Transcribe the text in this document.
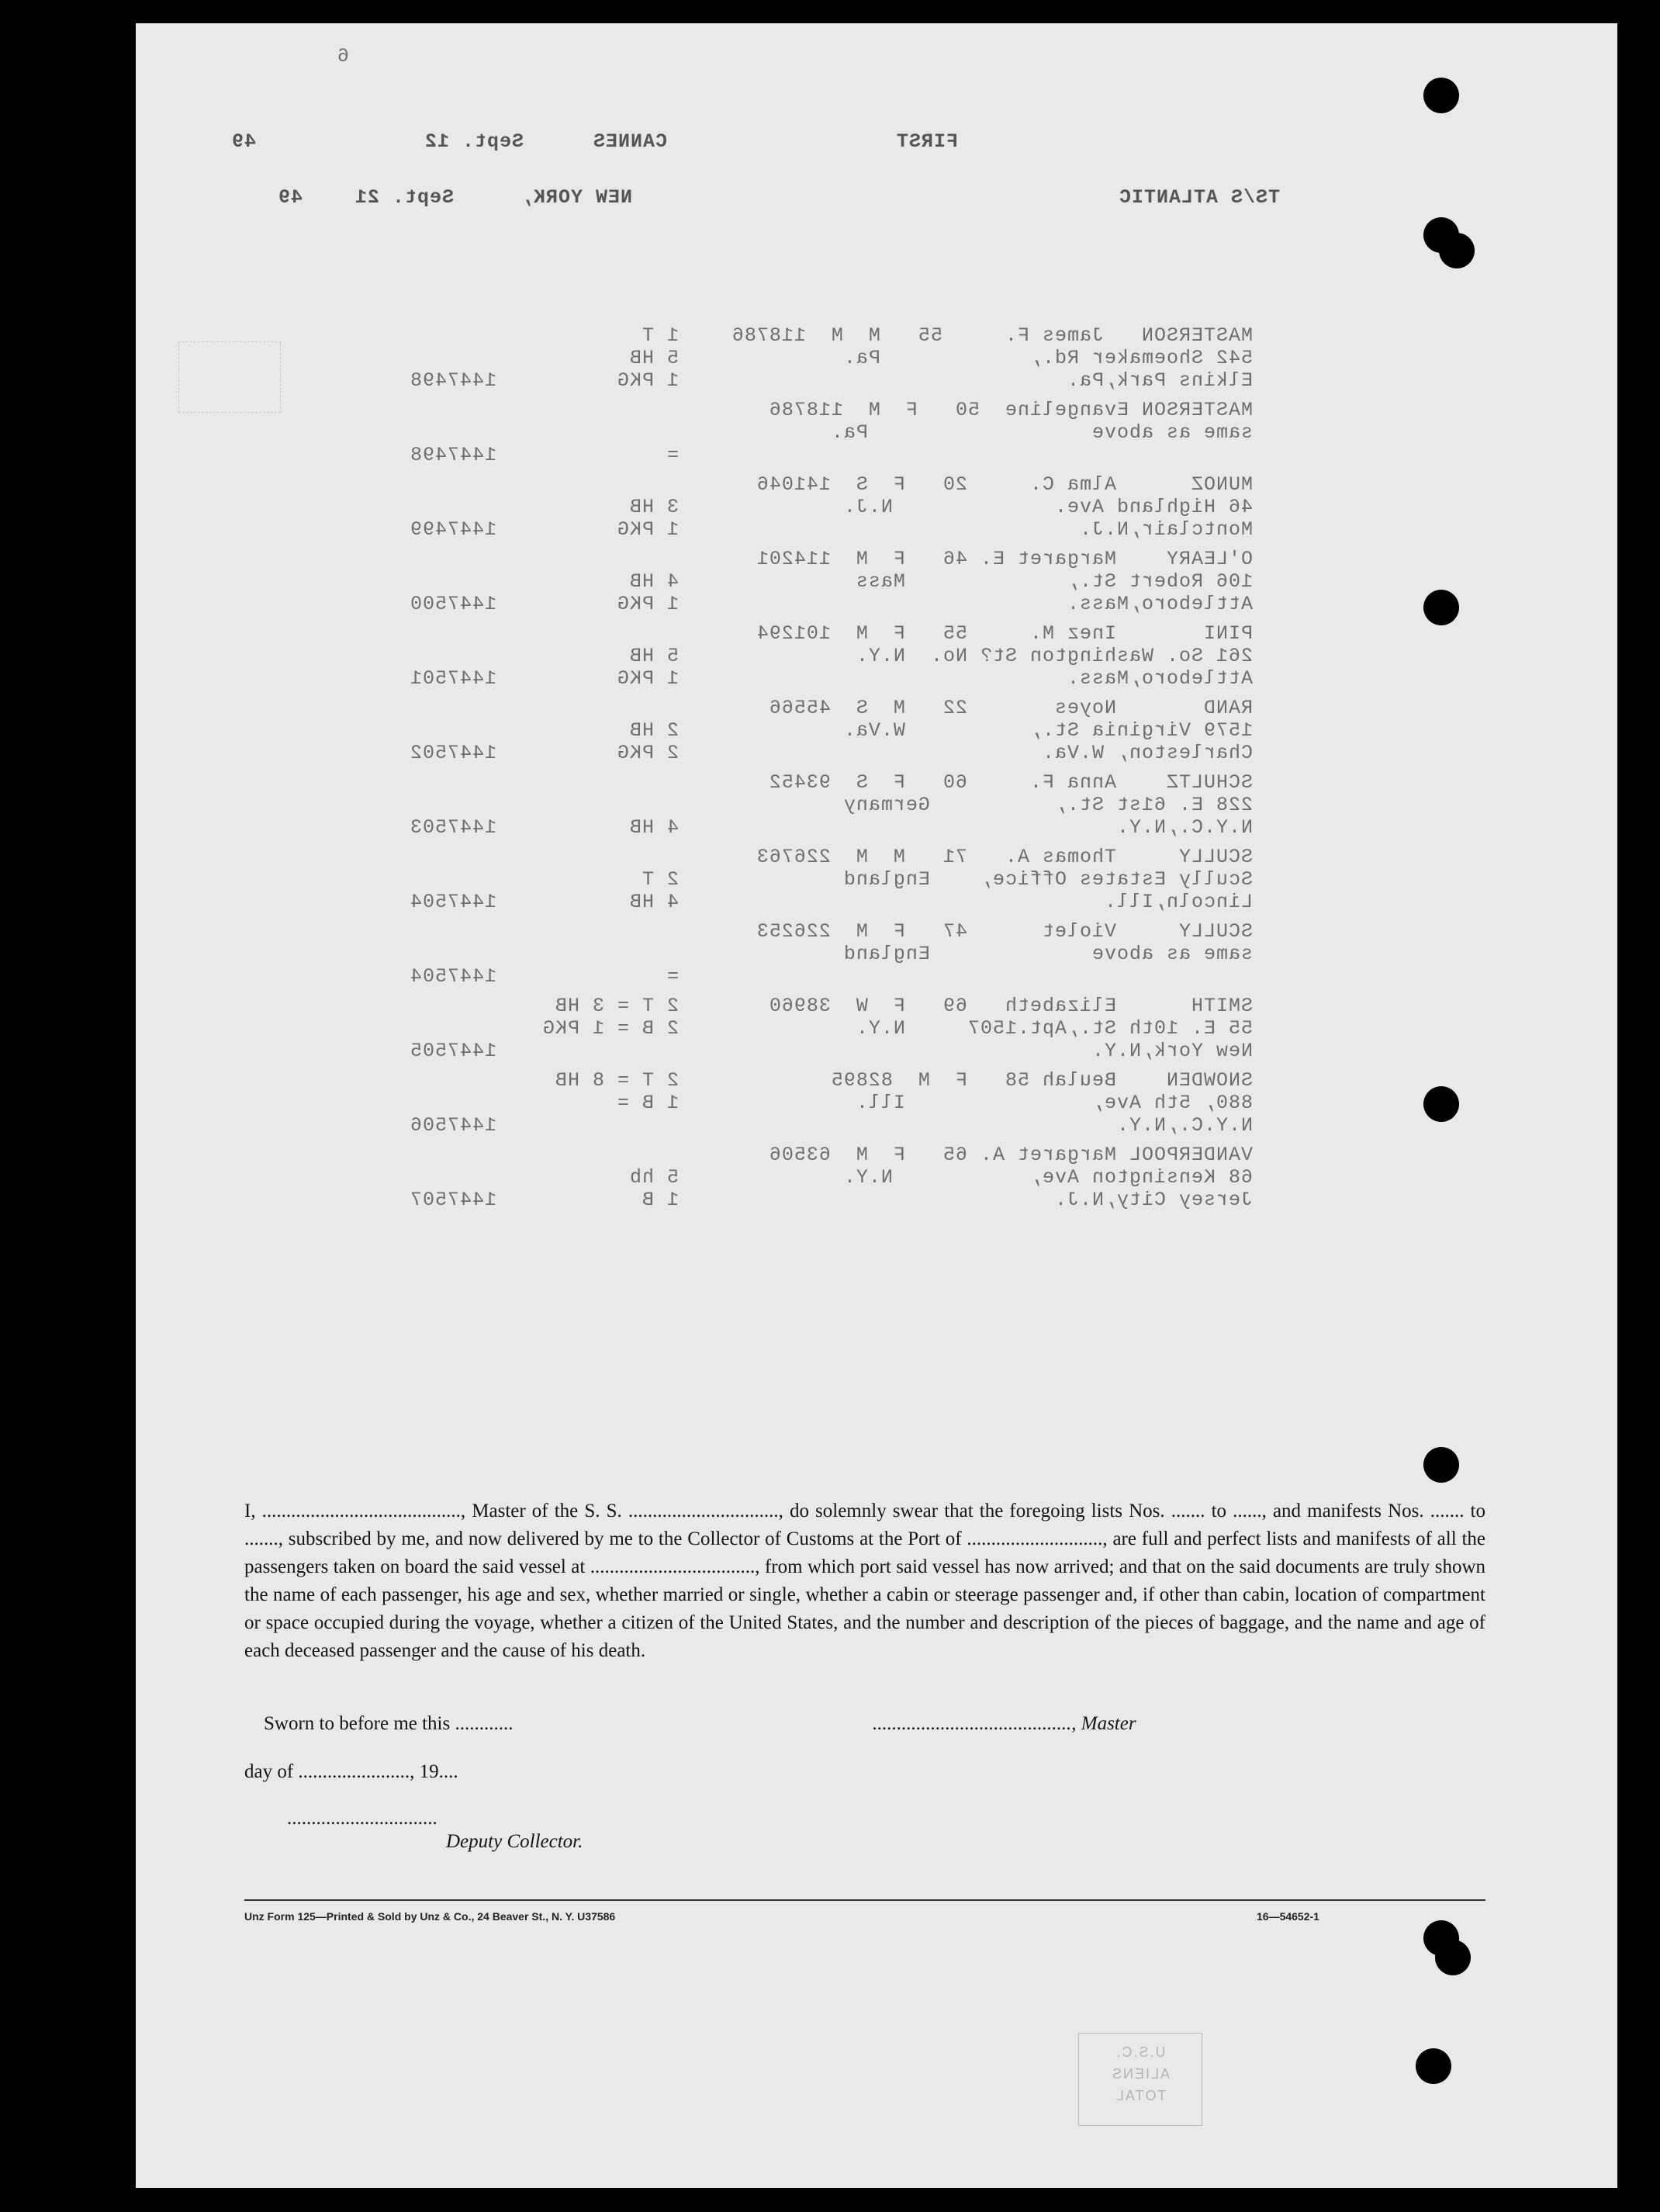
6
FIRST
CANNES
Sept. 12
49
TS/S ATLANTIC
NEW YORK,
Sept. 21
49
MASTERSON   James F.     55   M  M  118786
542 Shoemaker Rd.,            Pa.
Elkins Park,Pa.
1 T
5 HB
1 PKG
1447498
MASTERSON Evangeline  50   F  M  118786
same as above                  Pa.
=
1447498
MUNOZ      Alma C.     20   F  S  141046
46 Highland Ave.             N.J.
Montclair,N.J.
3 HB
1 PKG
1447499
O'LEARY    Margaret E. 46   F  M  114201
106 Robert St.,             Mass
Attleboro,Mass.
4 HB
1 PKG
1447500
PINI       Inez M.     55   F  M  101294
261 So. Washington St? No.  N.Y.
Attleboro,Mass.
5 HB
1 PKG
1447501
RAND       Noyes       22   M  S  45566
1579 Virginia St.,          W.Va.
Charleston, W.Va.
2 HB
2 PKG
1447502
SCHULTZ    Anna F.     60   F  S  93452
228 E. 61st St.,          Germany
N.Y.C.,N.Y.
4 HB
1447503
SCULLY     Thomas A.   71   M  M  226763
Scully Estates Office,    England
Lincoln,Ill.
2 T
4 HB
1447504
SCULLY     Violet      47   F  M  226253
same as above             England
=
1447504
SMITH      Elizabeth   69   F  W  38960
55 E. 10th St.,Apt.1507     N.Y.
New York,N.Y.
2 T = 3 HB
2 B = 1 PKG
1447505
SNOWDEN    Beulah 58   F  M  82895
880, 5th Ave,               Ill.
N.Y.C.,N.Y.
2 T = 8 HB
1 B =
1447506
VANDERPOOL Margaret A. 65   F  M  63506
68 Kensington Ave,           N.Y.
Jersey City,N.J.
5 hb
1 B
1447507

I, ........................................., Master of the S. S. ..............................., do solemnly swear that the foregoing lists Nos. ....... to ......, and manifests Nos. ....... to ......., subscribed by me, and now delivered by me to the Collector of Customs at the Port of ............................, are full and perfect lists and manifests of all the passengers taken on board the said vessel at .................................., from which port said vessel has now arrived; and that on the said documents are truly shown the name of each passenger, his age and sex, whether married or single, whether a cabin or steerage passenger and, if other than cabin, location of compartment or space occupied during the voyage, whether a citizen of the United States, and the number and description of the pieces of baggage, and the name and age of each deceased passenger and the cause of his death.

Sworn to before me this ............	........................................., Master
day of ......................., 19....
...............................
Deputy Collector.
Unz Form 125—Printed & Sold by Unz & Co., 24 Beaver St., N. Y. U37586	16—54652-1
U.S.C.
ALIENS
TOTAL
